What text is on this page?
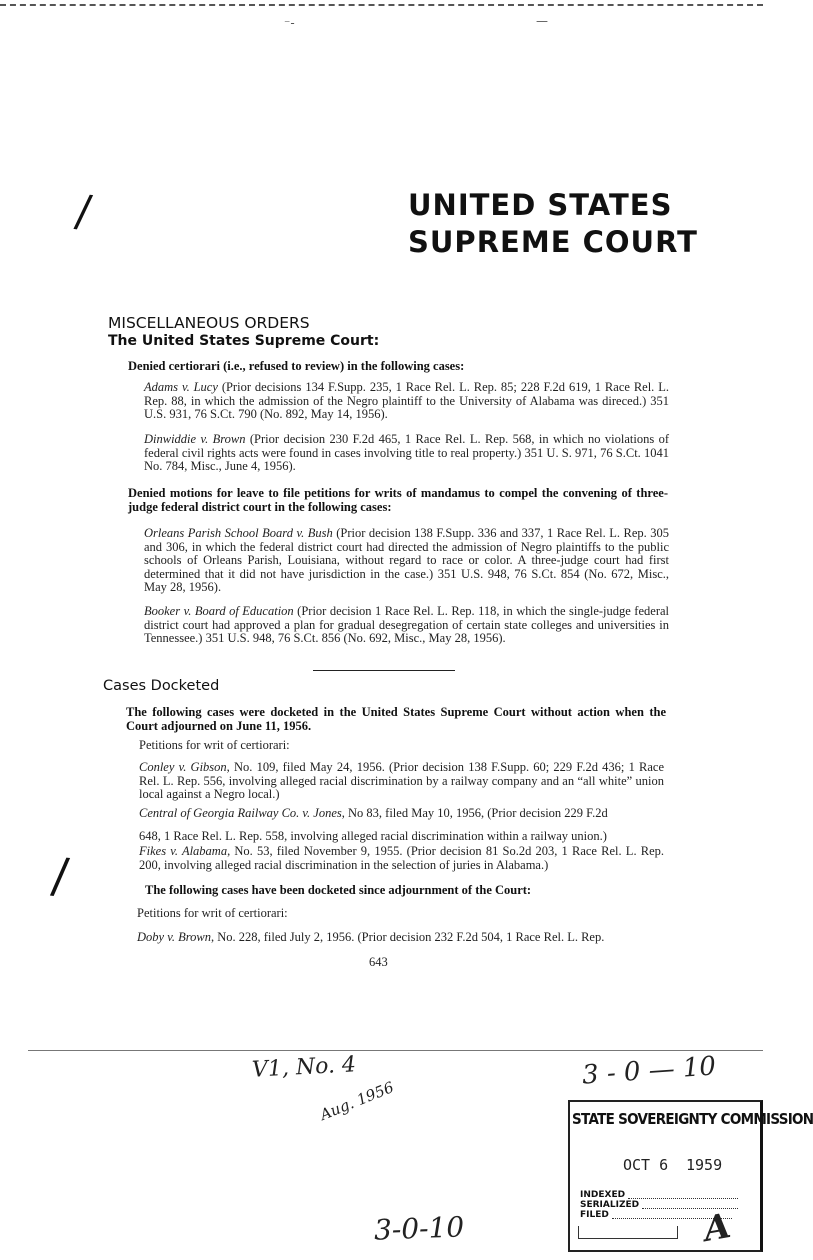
⁻‐	—
/	UNITED STATES
SUPREME COURT
MISCELLANEOUS ORDERS
The United States Supreme Court:
Denied certiorari (i.e., refused to review) in the following cases:
Adams v. Lucy (Prior decisions 134 F.Supp. 235, 1 Race Rel. L. Rep. 85; 228 F.2d 619, 1 Race Rel. L. Rep. 88, in which the admission of the Negro plaintiff to the University of Alabama was direced.) 351 U.S. 931, 76 S.Ct. 790 (No. 892, May 14, 1956).
Dinwiddie v. Brown (Prior decision 230 F.2d 465, 1 Race Rel. L. Rep. 568, in which no violations of federal civil rights acts were found in cases involving title to real property.) 351 U. S. 971, 76 S.Ct. 1041 No. 784, Misc., June 4, 1956).
Denied motions for leave to file petitions for writs of mandamus to compel the convening of three-judge federal district court in the following cases:
Orleans Parish School Board v. Bush (Prior decision 138 F.Supp. 336 and 337, 1 Race Rel. L. Rep. 305 and 306, in which the federal district court had directed the admission of Negro plaintiffs to the public schools of Orleans Parish, Louisiana, without regard to race or color. A three-judge court had first determined that it did not have jurisdiction in the case.) 351 U.S. 948, 76 S.Ct. 854 (No. 672, Misc., May 28, 1956).
Booker v. Board of Education (Prior decision 1 Race Rel. L. Rep. 118, in which the single-judge federal district court had approved a plan for gradual desegregation of certain state colleges and universities in Tennessee.) 351 U.S. 948, 76 S.Ct. 856 (No. 692, Misc., May 28, 1956).
Cases Docketed
The following cases were docketed in the United States Supreme Court without action when the Court adjourned on June 11, 1956.
Petitions for writ of certiorari:
Conley v. Gibson, No. 109, filed May 24, 1956. (Prior decision 138 F.Supp. 60; 229 F.2d 436; 1 Race Rel. L. Rep. 556, involving alleged racial discrimination by a railway company and an “all white” union local against a Negro local.)
Central of Georgia Railway Co. v. Jones, No 83, filed May 10, 1956, (Prior decision 229 F.2d
648, 1 Race Rel. L. Rep. 558, involving alleged racial discrimination within a railway union.)
Fikes v. Alabama, No. 53, filed November 9, 1955. (Prior decision 81 So.2d 203, 1 Race Rel. L. Rep. 200, involving alleged racial discrimination in the selection of juries in Alabama.)
/	The following cases have been docketed since adjournment of the Court:
Petitions for writ of certiorari:
Doby v. Brown, No. 228, filed July 2, 1956. (Prior decision 232 F.2d 504, 1 Race Rel. L. Rep.
643
V1, No. 4
Aug. 1956
3 - 0 — 10
3-0-10
STATE SOVEREIGNTY COMMISSION
OCT 6 1959
INDEXED
SERIALIZED
FILED	A
